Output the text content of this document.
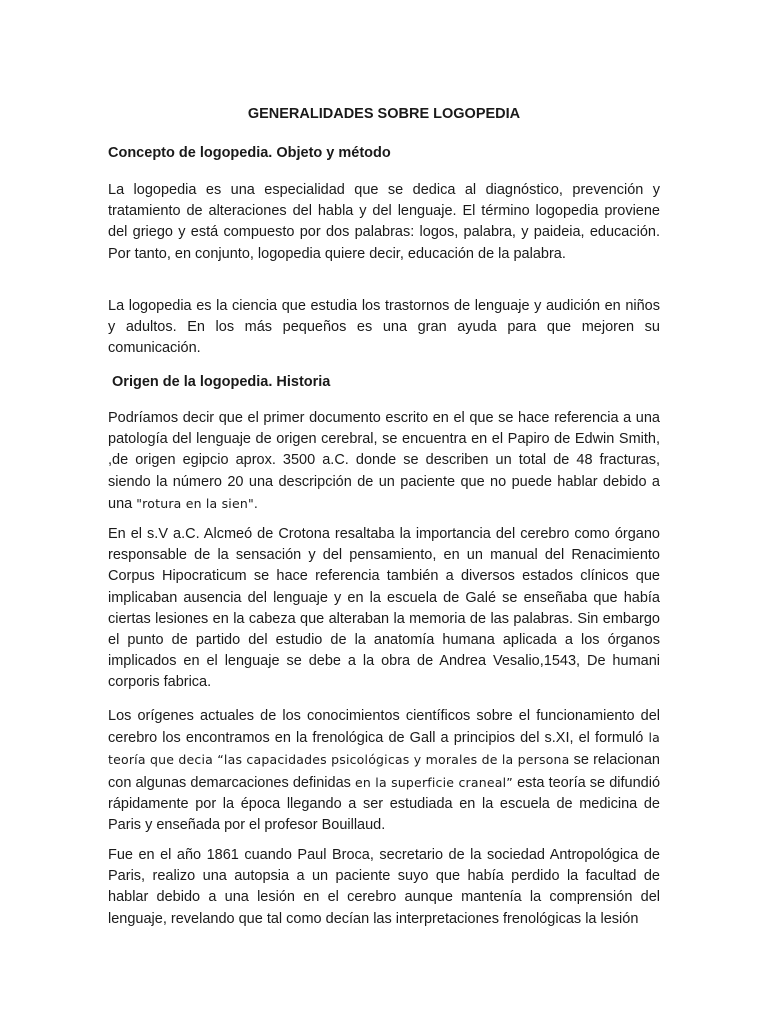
GENERALIDADES SOBRE LOGOPEDIA
Concepto de logopedia. Objeto y método

La logopedia es una especialidad que se dedica al diagnóstico, prevención y tratamiento de alteraciones del habla y del lenguaje. El término logopedia proviene del griego y está compuesto por dos palabras: logos, palabra, y paideia, educación. Por tanto, en conjunto, logopedia quiere decir, educación de la palabra.

La logopedia es la ciencia que estudia los trastornos de lenguaje y audición en niños y adultos. En los más pequeños es una gran ayuda para que mejoren su comunicación.

Origen de la logopedia. Historia

Podríamos decir que el primer documento escrito en el que se hace referencia a una patología del lenguaje de origen cerebral, se encuentra en el Papiro de Edwin Smith, ,de origen egipcio aprox. 3500 a.C. donde se describen un total de 48 fracturas, siendo la número 20 una descripción de un paciente que no puede hablar debido a una "rotura en la sien".

En el s.V a.C. Alcmeó de Crotona resaltaba la importancia del cerebro como órgano responsable de la sensación y del pensamiento, en un manual del Renacimiento Corpus Hipocraticum se hace referencia también a diversos estados clínicos que implicaban ausencia del lenguaje y en la escuela de Galé se enseñaba que había ciertas lesiones en la cabeza que alteraban la memoria de las palabras. Sin embargo el punto de partido del estudio de la anatomía humana aplicada a los órganos implicados en el lenguaje se debe a la obra de Andrea Vesalio,1543, De humani corporis fabrica.

Los orígenes actuales de los conocimientos científicos sobre el funcionamiento del cerebro los encontramos en la frenológica de Gall a principios del s.XI, el formuló la teoría que decia “las capacidades psicológicas y morales de la persona se relacionan con algunas demarcaciones definidas en la superficie craneal” esta teoría se difundió rápidamente por la época llegando a ser estudiada en la escuela de medicina de Paris y enseñada por el profesor Bouillaud.

Fue en el año 1861 cuando Paul Broca, secretario de la sociedad Antropológica de Paris, realizo una autopsia a un paciente suyo que había perdido la facultad de hablar debido a una lesión en el cerebro aunque mantenía la comprensión del lenguaje, revelando que tal como decían las interpretaciones frenológicas la lesión
